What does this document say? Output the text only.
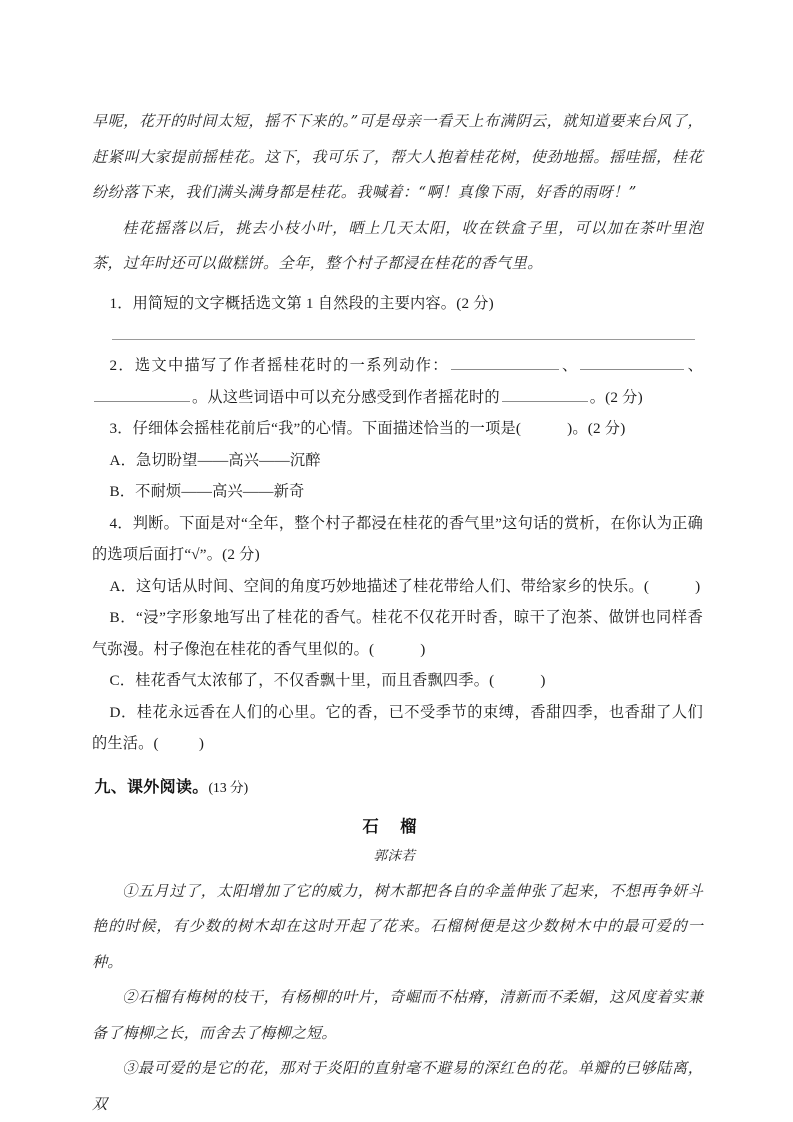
早呢，花开的时间太短，摇不下来的。”可是母亲一看天上布满阴云，就知道要来台风了，赶紧叫大家提前摇桂花。这下，我可乐了，帮大人抱着桂花树，使劲地摇。摇哇摇，桂花纷纷落下来，我们满头满身都是桂花。我喊着：“啊！真像下雨，好香的雨呀！”

桂花摇落以后，挑去小枝小叶，晒上几天太阳，收在铁盒子里，可以加在茶叶里泡茶，过年时还可以做糕饼。全年，整个村子都浸在桂花的香气里。

1．用简短的文字概括选文第 1 自然段的主要内容。(2 分)

2．选文中描写了作者摇桂花时的一系列动作：	、	、。从这些词语中可以充分感受到作者摇花时的	。(2 分)

3．仔细体会摇桂花前后“我”的心情。下面描述恰当的一项是(	)。(2 分)

A．急切盼望——高兴——沉醉

B．不耐烦——高兴——新奇

4．判断。下面是对“全年，整个村子都浸在桂花的香气里”这句话的赏析，在你认为正确的选项后面打“√”。(2 分)

A．这句话从时间、空间的角度巧妙地描述了桂花带给人们、带给家乡的快乐。(	)

B．“浸”字形象地写出了桂花的香气。桂花不仅花开时香，晾干了泡茶、做饼也同样香气弥漫。村子像泡在桂花的香气里似的。(	)

C．桂花香气太浓郁了，不仅香飘十里，而且香飘四季。(	)

D．桂花永远香在人们的心里。它的香，已不受季节的束缚，香甜四季，也香甜了人们的生活。(	)

九、课外阅读。(13 分)

石 榴

郭沫若

①五月过了，太阳增加了它的威力，树木都把各自的伞盖伸张了起来，不想再争妍斗艳的时候，有少数的树木却在这时开起了花来。石榴树便是这少数树木中的最可爱的一种。

②石榴有梅树的枝干，有杨柳的叶片，奇崛而不枯瘠，清新而不柔媚，这风度着实兼备了梅柳之长，而舍去了梅柳之短。

③最可爱的是它的花，那对于炎阳的直射毫不避易的深红色的花。单瓣的已够陆离，双
